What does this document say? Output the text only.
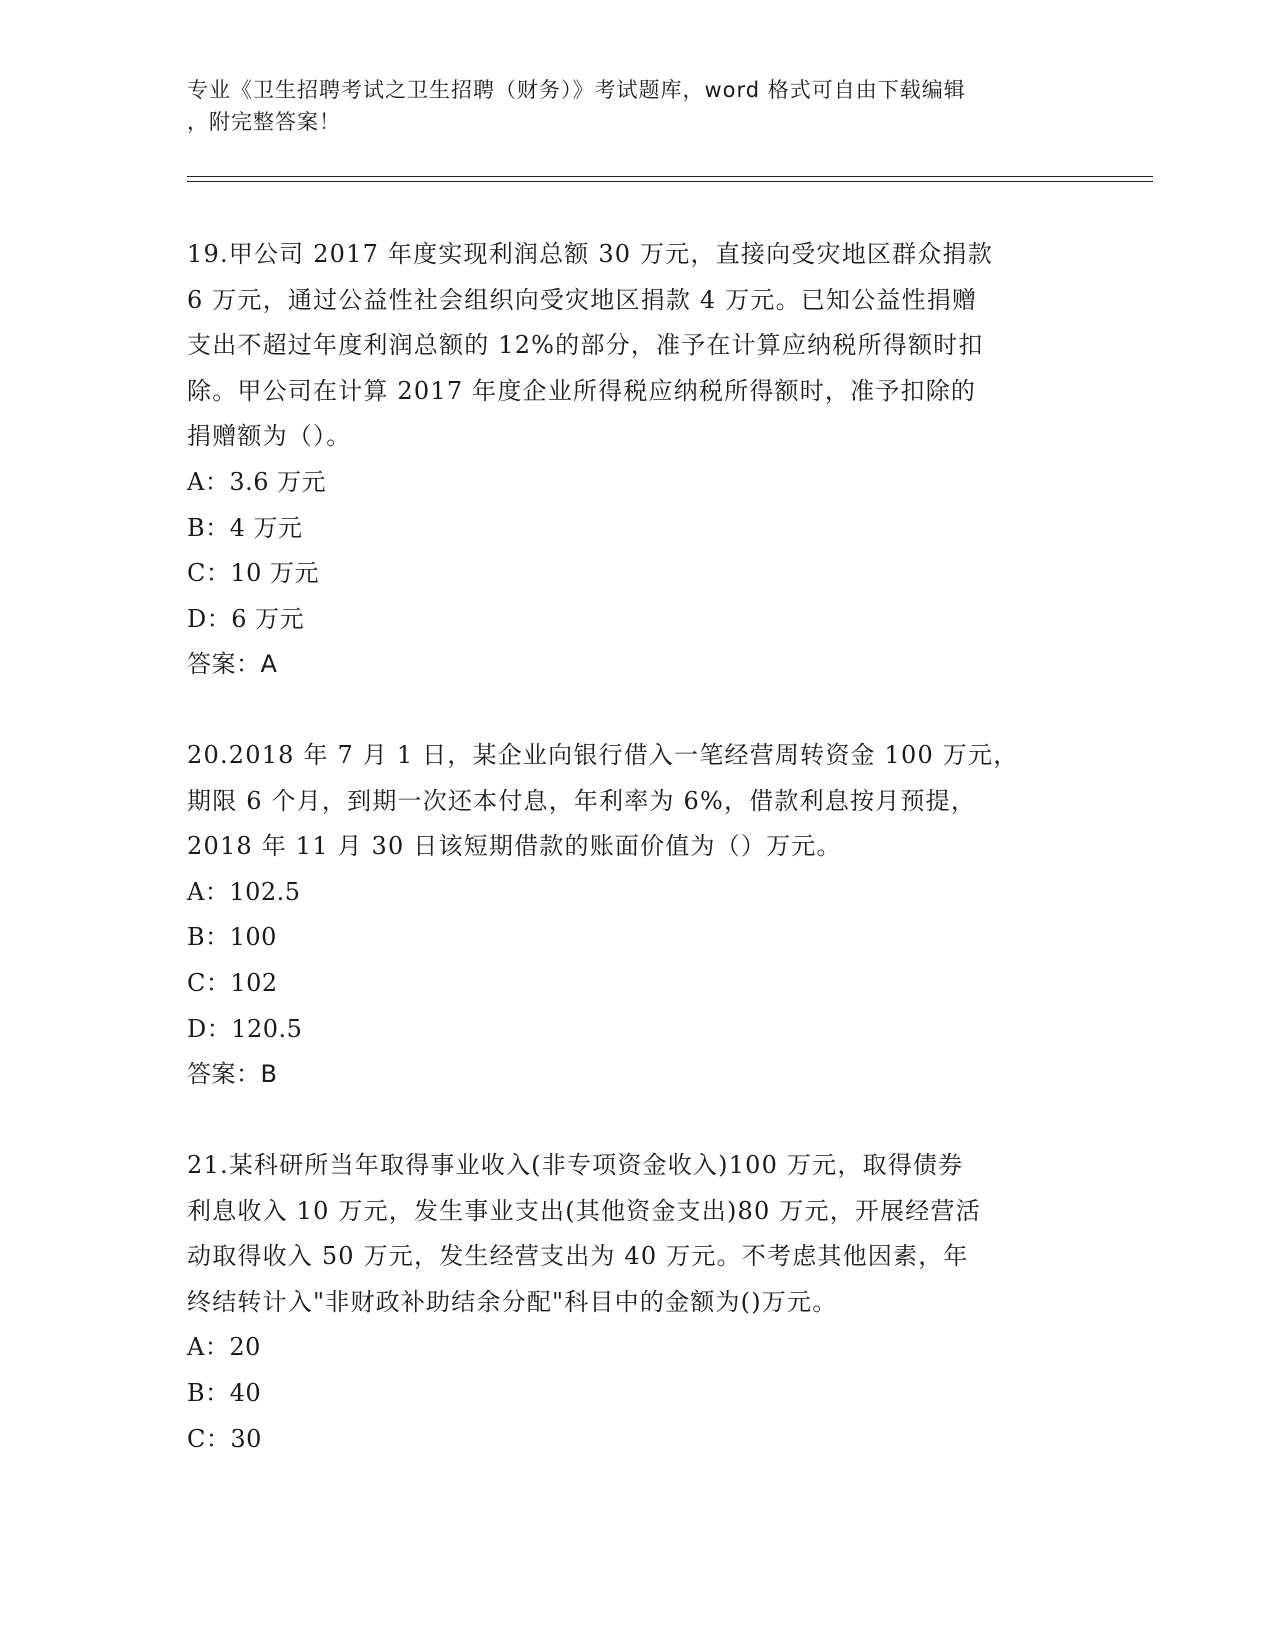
专业《卫生招聘考试之卫生招聘（财务）》考试题库，word 格式可自由下载编辑
，附完整答案！
19.甲公司 2017 年度实现利润总额 30 万元，直接向受灾地区群众捐款
6 万元，通过公益性社会组织向受灾地区捐款 4 万元。已知公益性捐赠
支出不超过年度利润总额的 12%的部分，准予在计算应纳税所得额时扣
除。甲公司在计算 2017 年度企业所得税应纳税所得额时，准予扣除的
捐赠额为（）。
A：3.6 万元
B：4 万元
C：10 万元
D：6 万元
答案：A
20.2018 年 7 月 1 日，某企业向银行借入一笔经营周转资金 100 万元，
期限 6 个月，到期一次还本付息，年利率为 6%，借款利息按月预提，
2018 年 11 月 30 日该短期借款的账面价值为（）万元。
A：102.5
B：100
C：102
D：120.5
答案：B
21.某科研所当年取得事业收入(非专项资金收入)100 万元，取得债券
利息收入 10 万元，发生事业支出(其他资金支出)80 万元，开展经营活
动取得收入 50 万元，发生经营支出为 40 万元。不考虑其他因素，年
终结转计入"非财政补助结余分配"科目中的金额为()万元。
A：20
B：40
C：30
